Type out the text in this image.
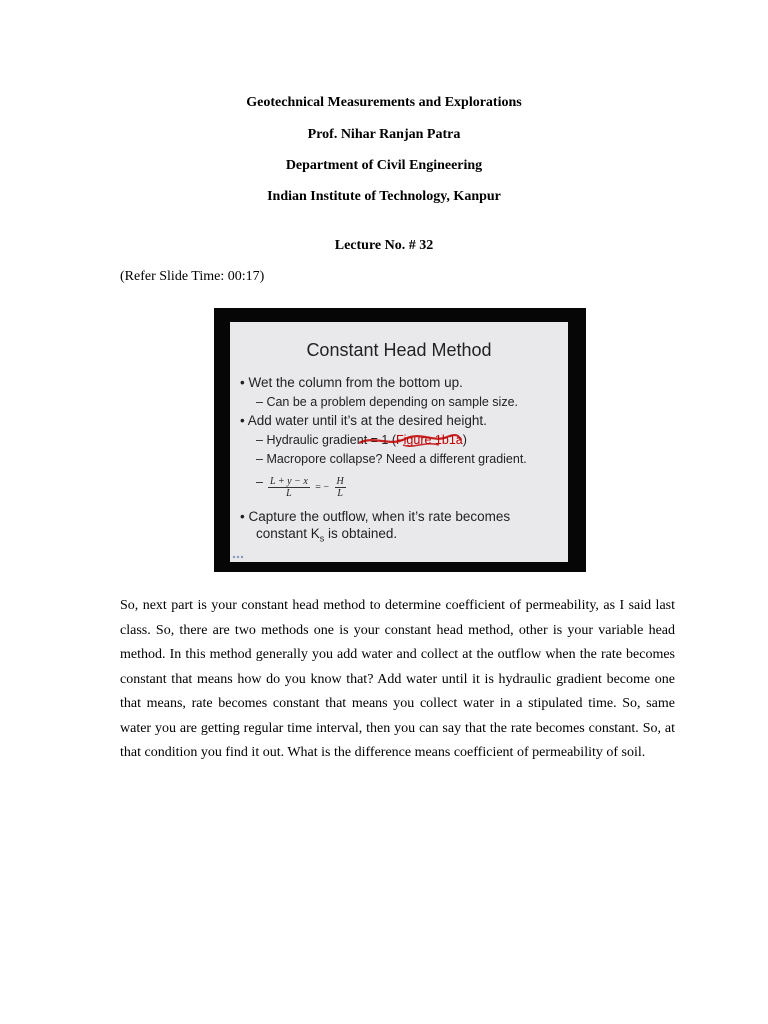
Geotechnical Measurements and Explorations
Prof. Nihar Ranjan Patra
Department of Civil Engineering
Indian Institute of Technology, Kanpur
Lecture No. # 32
(Refer Slide Time: 00:17)
Constant Head Method
• Wet the column from the bottom up.
– Can be a problem depending on sample size.
• Add water until it’s at the desired height.
– Hydraulic gradient = 1 (Figure 1b1a)
– Macropore collapse? Need a different gradient.
– $\frac{L + y - x}{L}$ = − $\frac{H}{L}$
• Capture the outflow, when it’s rate becomes
constant $K_s$ is obtained.
So, next part is your constant head method to determine coefficient of permeability, as I said last class. So, there are two methods one is your constant head method, other is your variable head method. In this method generally you add water and collect at the outflow when the rate becomes constant that means how do you know that? Add water until it is hydraulic gradient become one that means, rate becomes constant that means you collect water in a stipulated time. So, same water you are getting regular time interval, then you can say that the rate becomes constant. So, at that condition you find it out. What is the difference means coefficient of permeability of soil.
